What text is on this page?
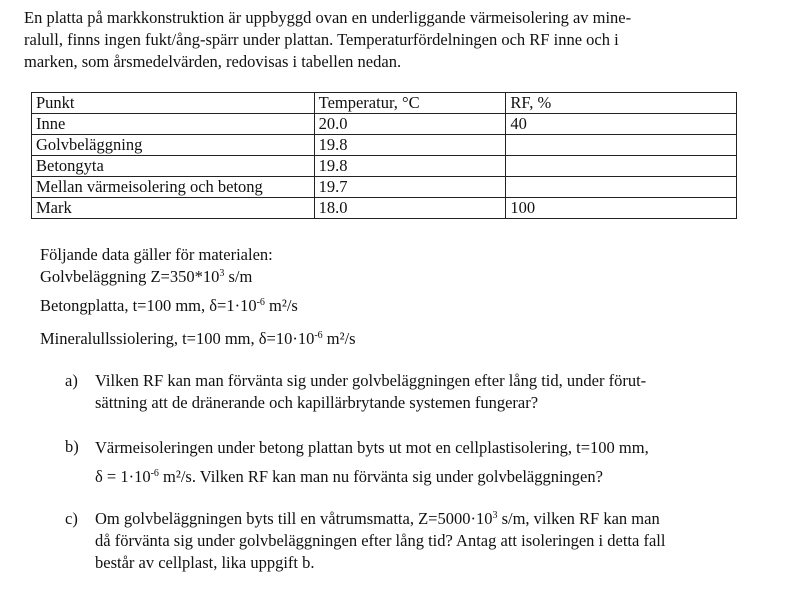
En platta på markkonstruktion är uppbyggd ovan en underliggande värmeisolering av mine-
ralull, finns ingen fukt/ång-spärr under plattan. Temperaturfördelningen och RF inne och i
marken, som årsmedelvärden, redovisas i tabellen nedan.
Punkt	Temperatur, °C	RF, %
Inne	20.0	40
Golvbeläggning	19.8	
Betongyta	19.8	
Mellan värmeisolering och betong	19.7	
Mark	18.0	100
Följande data gäller för materialen:
Golvbeläggning $Z=350*10^3$ s/m
Betongplatta, t=100 mm, $\delta=1\cdot 10^{-6}$ m²/s
Mineralullssiolering, t=100 mm, $\delta=10\cdot 10^{-6}$ m²/s
a) Vilken RF kan man förvänta sig under golvbeläggningen efter lång tid, under förut-
sättning att de dränerande och kapillärbrytande systemen fungerar?
b) Värmeisoleringen under betong plattan byts ut mot en cellplastisolering, t=100 mm,
$\delta = 1\cdot 10^{-6}$ m²/s. Vilken RF kan man nu förvänta sig under golvbeläggningen?
c) Om golvbeläggningen byts till en våtrumsmatta, $Z=5000\cdot 10^3$ s/m, vilken RF kan man
då förvänta sig under golvbeläggningen efter lång tid? Antag att isoleringen i detta fall
består av cellplast, lika uppgift b.
